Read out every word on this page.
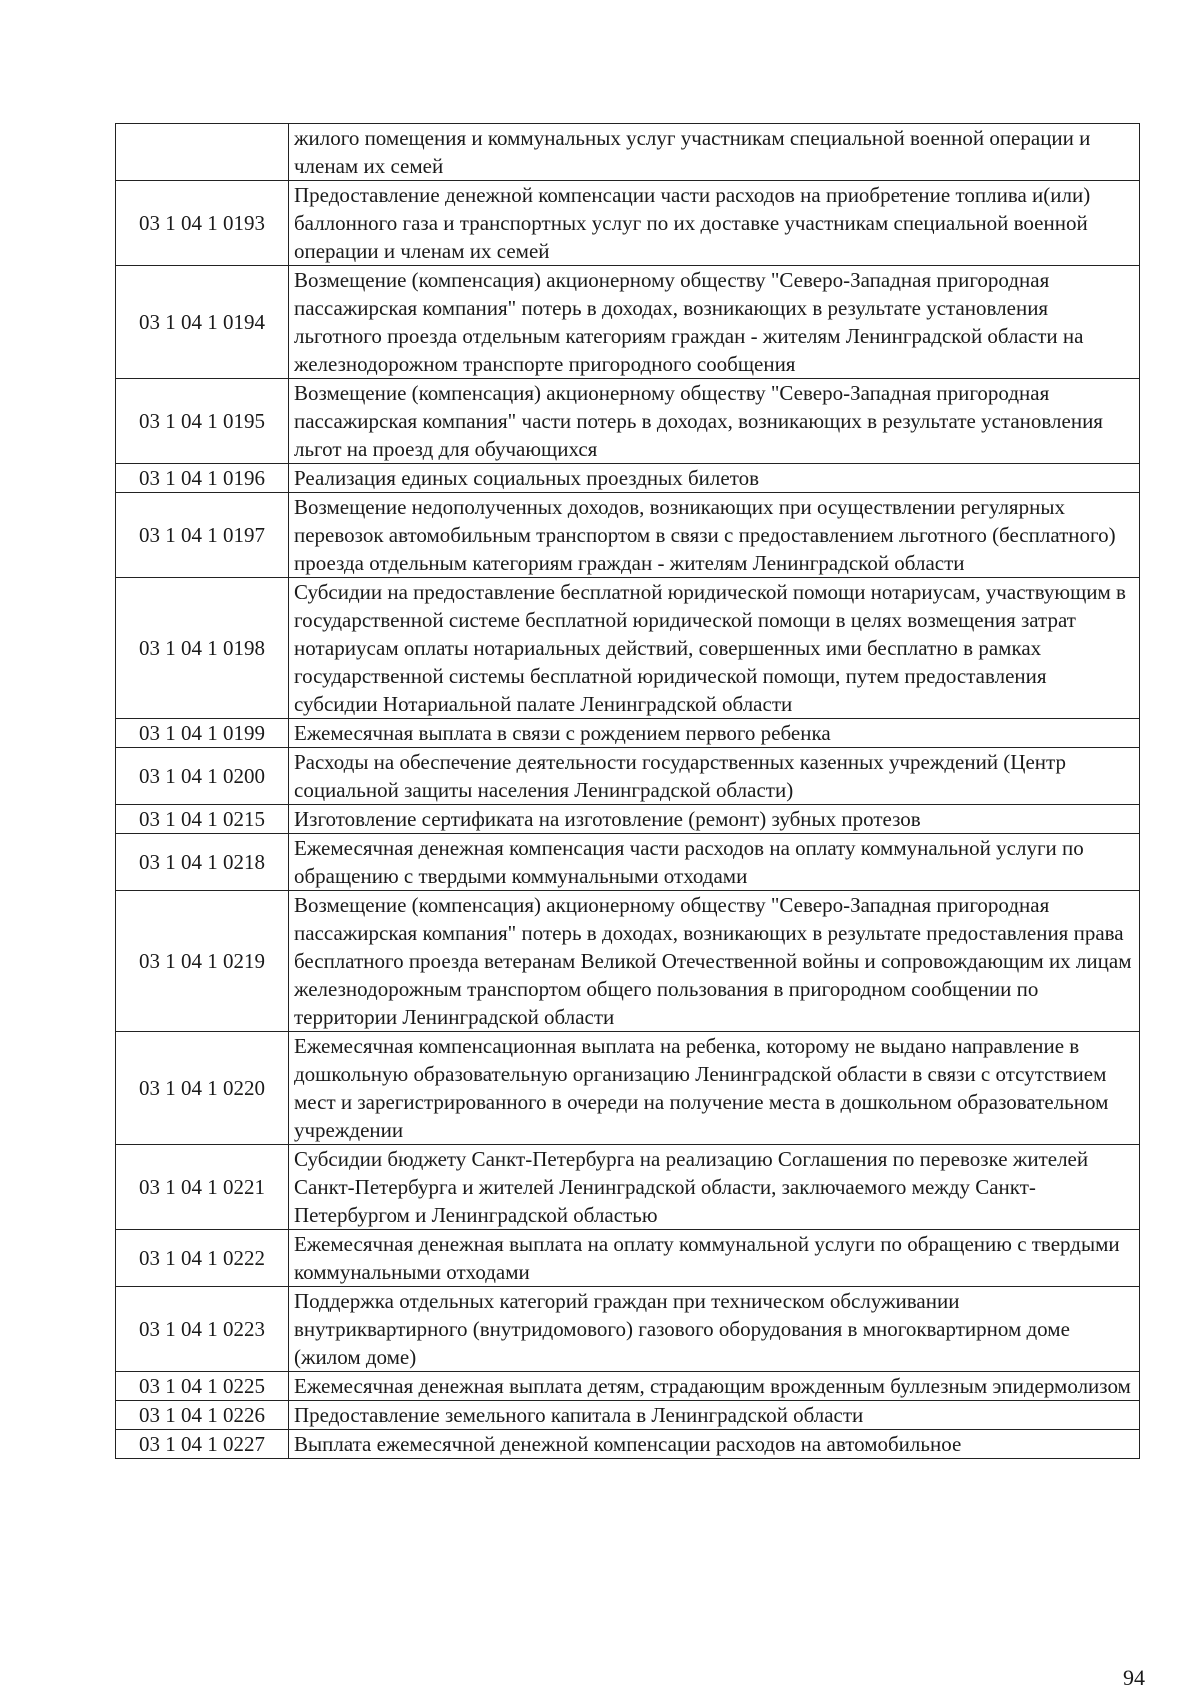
	жилого помещения и коммунальных услуг участникам специальной военной операции и членам их семей
03 1 04 1 0193	Предоставление денежной компенсации части расходов на приобретение топлива и(или) баллонного газа и транспортных услуг по их доставке участникам специальной военной операции и членам их семей
03 1 04 1 0194	Возмещение (компенсация) акционерному обществу "Северо-Западная пригородная пассажирская компания" потерь в доходах, возникающих в результате установления льготного проезда отдельным категориям граждан - жителям Ленинградской области на железнодорожном транспорте пригородного сообщения
03 1 04 1 0195	Возмещение (компенсация) акционерному обществу "Северо-Западная пригородная пассажирская компания" части потерь в доходах, возникающих в результате установления льгот на проезд для обучающихся
03 1 04 1 0196	Реализация единых социальных проездных билетов
03 1 04 1 0197	Возмещение недополученных доходов, возникающих при осуществлении регулярных перевозок автомобильным транспортом в связи с предоставлением льготного (бесплатного) проезда отдельным категориям граждан - жителям Ленинградской области
03 1 04 1 0198	Субсидии на предоставление бесплатной юридической помощи нотариусам, участвующим в государственной системе бесплатной юридической помощи в целях возмещения затрат нотариусам оплаты нотариальных действий, совершенных ими бесплатно в рамках государственной системы бесплатной юридической помощи, путем предоставления субсидии Нотариальной палате Ленинградской области
03 1 04 1 0199	Ежемесячная выплата в связи с рождением первого ребенка
03 1 04 1 0200	Расходы на обеспечение деятельности государственных казенных учреждений (Центр социальной защиты населения Ленинградской области)
03 1 04 1 0215	Изготовление сертификата на изготовление (ремонт) зубных протезов
03 1 04 1 0218	Ежемесячная денежная компенсация части расходов на оплату коммунальной услуги по обращению с твердыми коммунальными отходами
03 1 04 1 0219	Возмещение (компенсация) акционерному обществу "Северо-Западная пригородная пассажирская компания" потерь в доходах, возникающих в результате предоставления права бесплатного проезда ветеранам Великой Отечественной войны и сопровождающим их лицам железнодорожным транспортом общего пользования в пригородном сообщении по территории Ленинградской области
03 1 04 1 0220	Ежемесячная компенсационная выплата на ребенка, которому не выдано направление в дошкольную образовательную организацию Ленинградской области в связи с отсутствием мест и зарегистрированного в очереди на получение места в дошкольном образовательном учреждении
03 1 04 1 0221	Субсидии бюджету Санкт-Петербурга на реализацию Соглашения по перевозке жителей Санкт-Петербурга и жителей Ленинградской области, заключаемого между Санкт-Петербургом и Ленинградской областью
03 1 04 1 0222	Ежемесячная денежная выплата на оплату коммунальной услуги по обращению с твердыми коммунальными отходами
03 1 04 1 0223	Поддержка отдельных категорий граждан при техническом обслуживании внутриквартирного (внутридомового) газового оборудования в многоквартирном доме (жилом доме)
03 1 04 1 0225	Ежемесячная денежная выплата детям, страдающим врожденным буллезным эпидермолизом
03 1 04 1 0226	Предоставление земельного капитала в Ленинградской области
03 1 04 1 0227	Выплата ежемесячной денежной компенсации расходов на автомобильное
94
